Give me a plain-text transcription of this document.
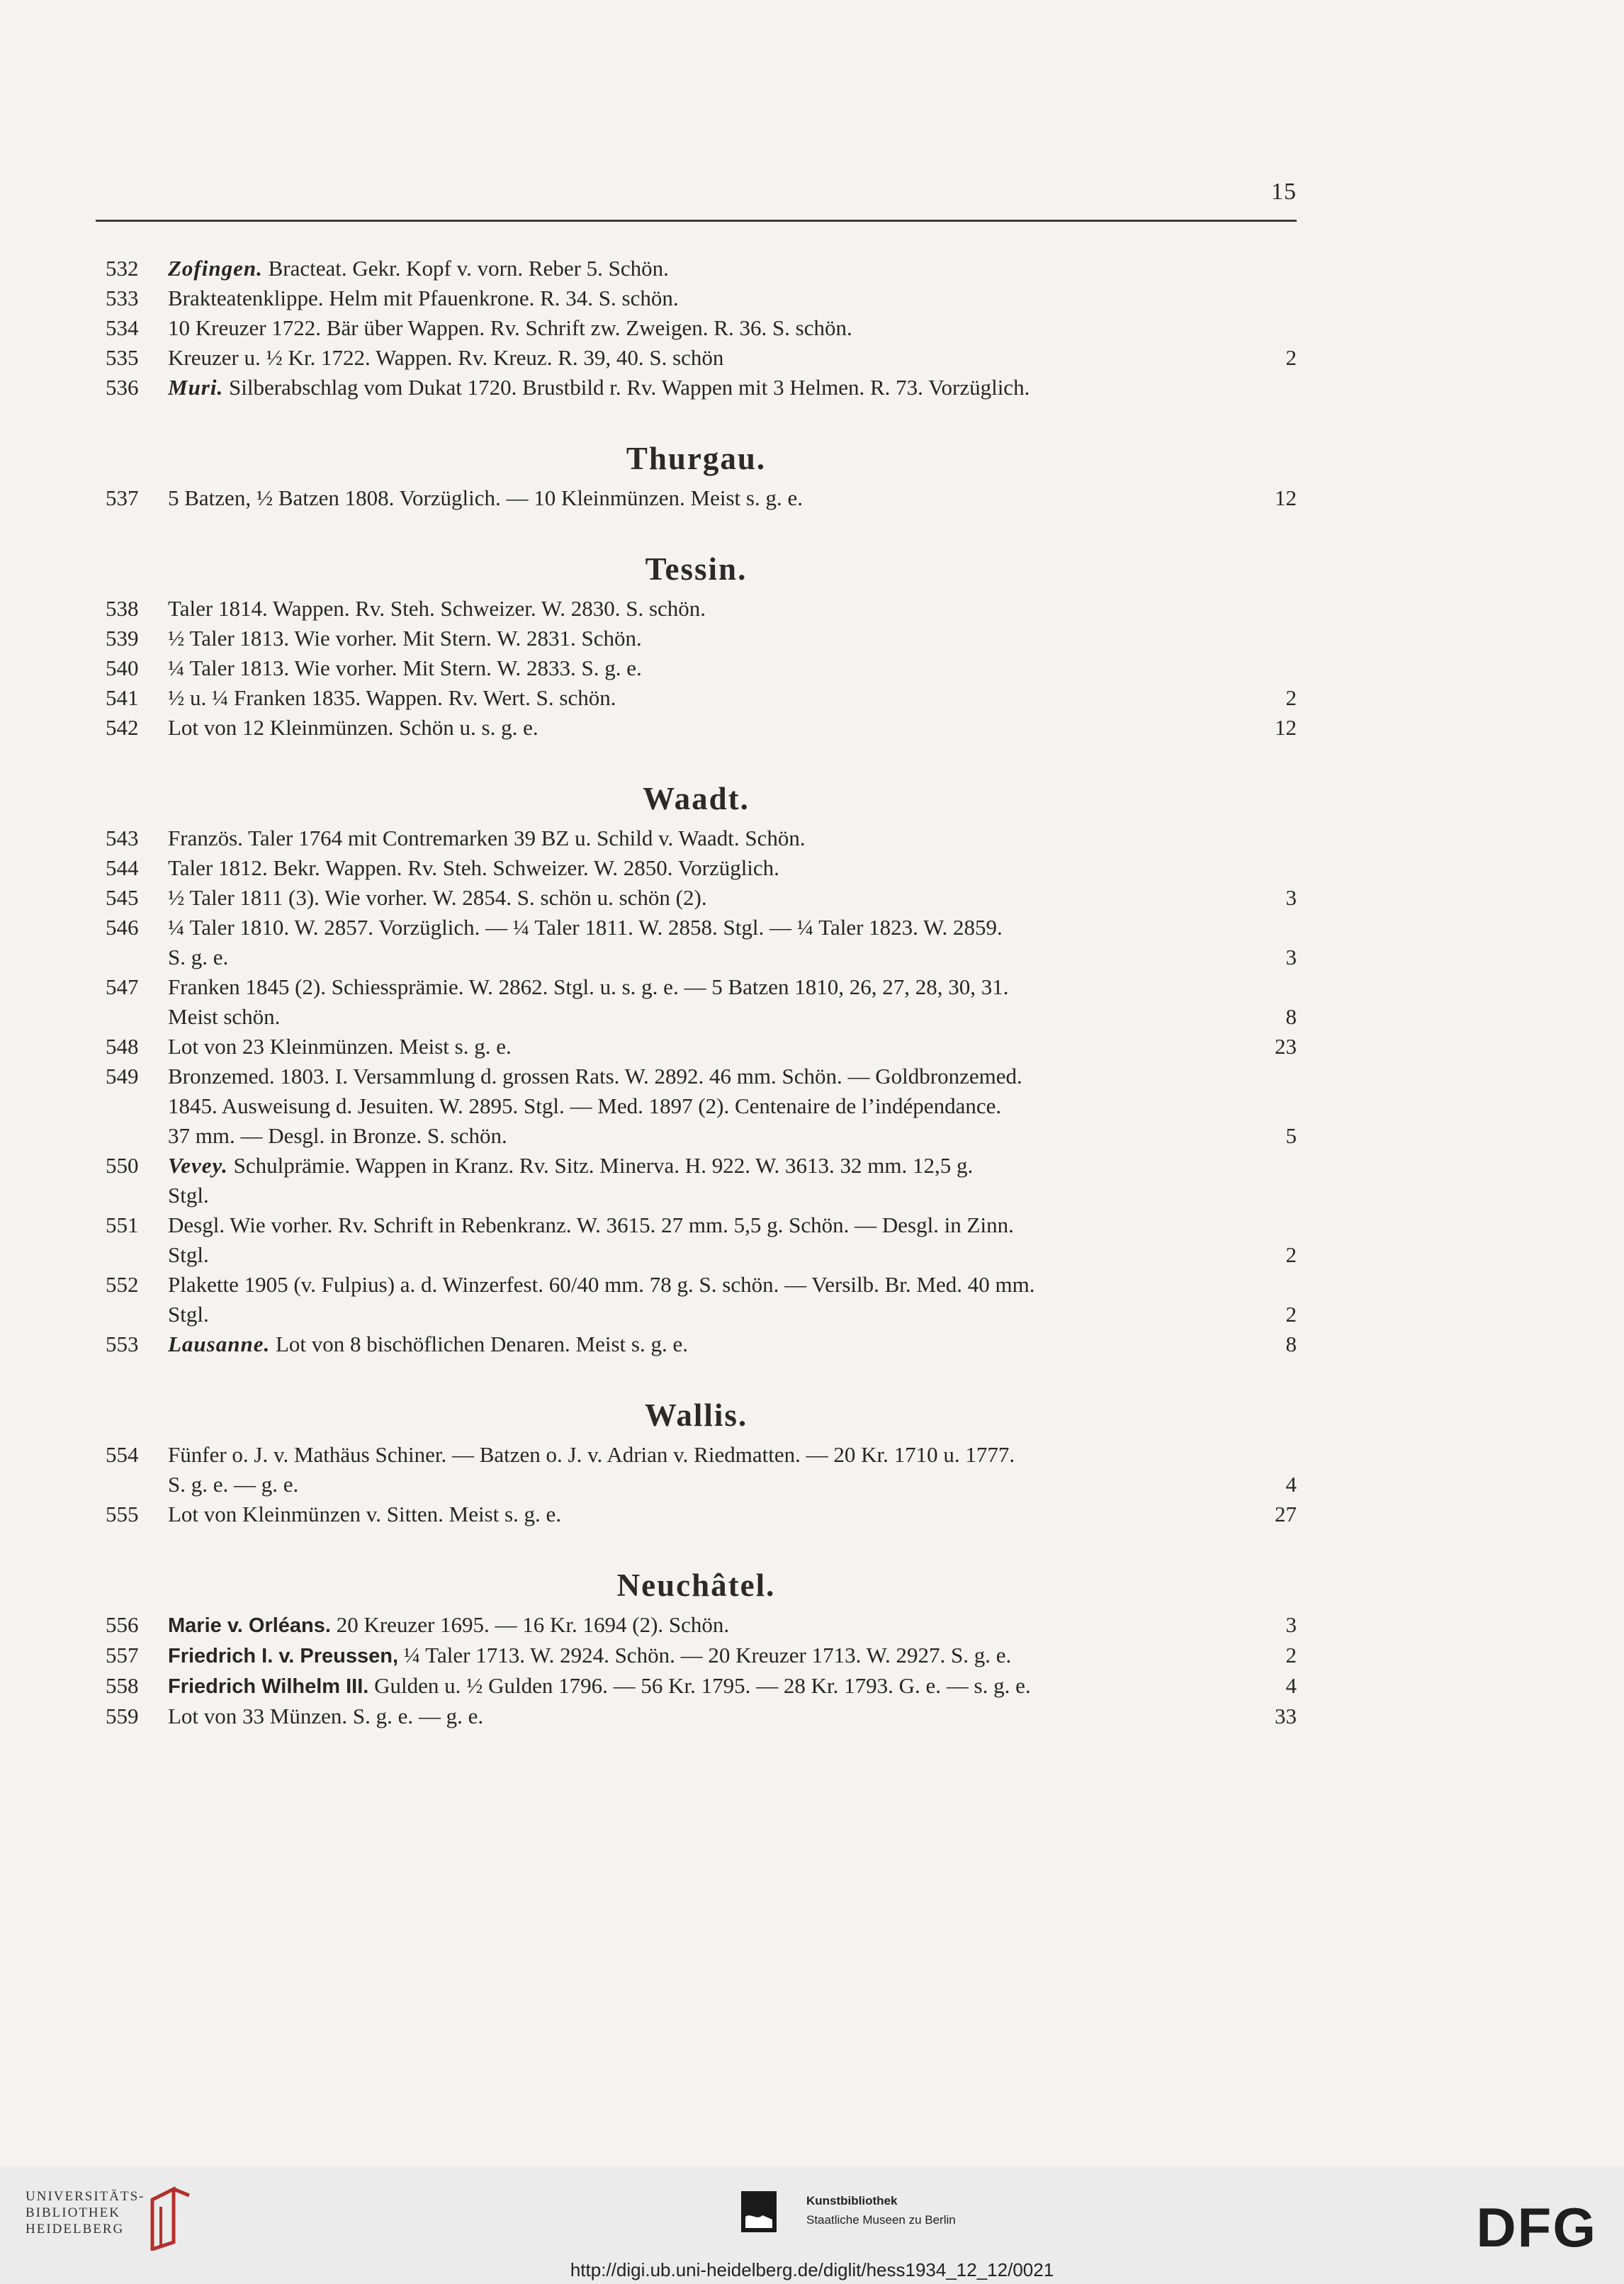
15
532	Zofingen. Bracteat. Gekr. Kopf v. vorn. Reber 5. Schön.
533	Brakteatenklippe. Helm mit Pfauenkrone. R. 34. S. schön.
534	10 Kreuzer 1722. Bär über Wappen. Rv. Schrift zw. Zweigen. R. 36. S. schön.
535	Kreuzer u. ½ Kr. 1722. Wappen. Rv. Kreuz. R. 39, 40. S. schön	2
536	Muri. Silberabschlag vom Dukat 1720. Brustbild r. Rv. Wappen mit 3 Helmen. R. 73. Vorzüglich.
Thurgau.
537	5 Batzen, ½ Batzen 1808. Vorzüglich. — 10 Kleinmünzen. Meist s. g. e.	12
Tessin.
538	Taler 1814. Wappen. Rv. Steh. Schweizer. W. 2830. S. schön.
539	½ Taler 1813. Wie vorher. Mit Stern. W. 2831. Schön.
540	¼ Taler 1813. Wie vorher. Mit Stern. W. 2833. S. g. e.
541	½ u. ¼ Franken 1835. Wappen. Rv. Wert. S. schön.	2
542	Lot von 12 Kleinmünzen. Schön u. s. g. e.	12
Waadt.
543	Französ. Taler 1764 mit Contremarken 39 BZ u. Schild v. Waadt. Schön.
544	Taler 1812. Bekr. Wappen. Rv. Steh. Schweizer. W. 2850. Vorzüglich.
545	½ Taler 1811 (3). Wie vorher. W. 2854. S. schön u. schön (2).	3
546	¼ Taler 1810. W. 2857. Vorzüglich. — ¼ Taler 1811. W. 2858. Stgl. — ¼ Taler 1823. W. 2859.
S. g. e.	3
547	Franken 1845 (2). Schiessprämie. W. 2862. Stgl. u. s. g. e. — 5 Batzen 1810, 26, 27, 28, 30, 31.
Meist schön.	8
548	Lot von 23 Kleinmünzen. Meist s. g. e.	23
549	Bronzemed. 1803. I. Versammlung d. grossen Rats. W. 2892. 46 mm. Schön. — Goldbronzemed.
1845. Ausweisung d. Jesuiten. W. 2895. Stgl. — Med. 1897 (2). Centenaire de l’indépendance.
37 mm. — Desgl. in Bronze. S. schön.	5
550	Vevey. Schulprämie. Wappen in Kranz. Rv. Sitz. Minerva. H. 922. W. 3613. 32 mm. 12,5 g.
Stgl.
551	Desgl. Wie vorher. Rv. Schrift in Rebenkranz. W. 3615. 27 mm. 5,5 g. Schön. — Desgl. in Zinn.
Stgl.	2
552	Plakette 1905 (v. Fulpius) a. d. Winzerfest. 60/40 mm. 78 g. S. schön. — Versilb. Br. Med. 40 mm.
Stgl.	2
553	Lausanne. Lot von 8 bischöflichen Denaren. Meist s. g. e.	8
Wallis.
554	Fünfer o. J. v. Mathäus Schiner. — Batzen o. J. v. Adrian v. Riedmatten. — 20 Kr. 1710 u. 1777.
S. g. e. — g. e.	4
555	Lot von Kleinmünzen v. Sitten. Meist s. g. e.	27
Neuchâtel.
556	Marie v. Orléans. 20 Kreuzer 1695. — 16 Kr. 1694 (2). Schön.	3
557	Friedrich I. v. Preussen, ¼ Taler 1713. W. 2924. Schön. — 20 Kreuzer 1713. W. 2927. S. g. e.	2
558	Friedrich Wilhelm III. Gulden u. ½ Gulden 1796. — 56 Kr. 1795. — 28 Kr. 1793. G. e. — s. g. e.	4
559	Lot von 33 Münzen. S. g. e. — g. e.	33
UNIVERSITÄTS-
BIBLIOTHEK
HEIDELBERG
Kunstbibliothek
Staatliche Museen zu Berlin	DFG
http://digi.ub.uni-heidelberg.de/diglit/hess1934_12_12/0021
